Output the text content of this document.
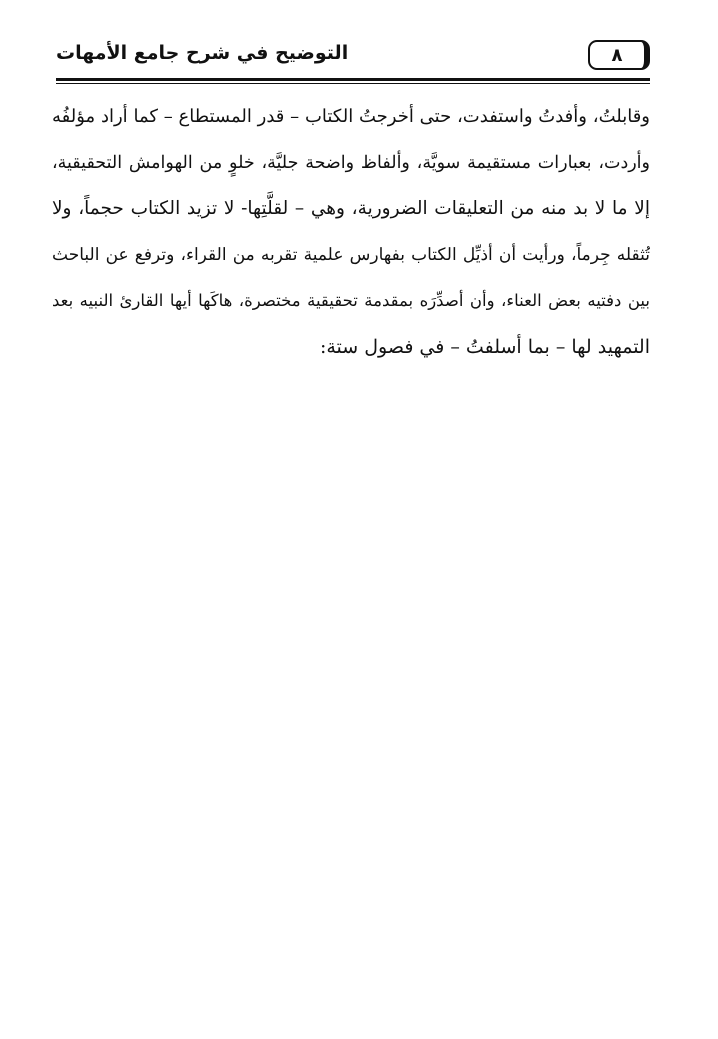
٨
التوضيح في شرح جامع الأمهات
وقابلتُ، وأفدتُ واستفدت، حتى أخرجتُ الكتاب – قدر المستطاع – كما أراد مؤلفُه
وأردت، بعبارات مستقيمة سويَّة، وألفاظ واضحة جليَّة، خلوٍ من الهوامش التحقيقية،
إلا ما لا بد منه من التعليقات الضرورية، وهي – لقلَّتِها- لا تزيد الكتاب حجماً، ولا
تُثقله جِرماً، ورأيت أن أذيِّل الكتاب بفهارس علمية تقربه من القراء، وترفع عن الباحث
بين دفتيه بعض العناء، وأن أصدِّرَه بمقدمة تحقيقية مختصرة، هاكَها أيها القارئ النبيه بعد
التمهيد لها – بما أسلفتُ – في فصول ستة:
